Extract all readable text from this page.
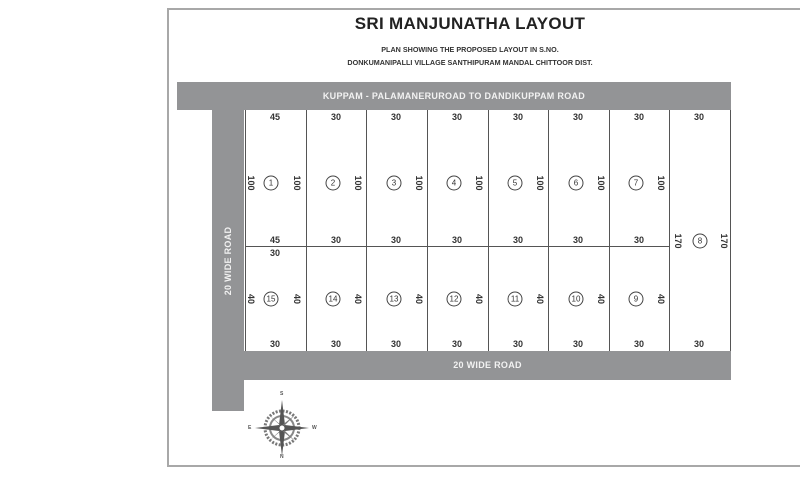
SRI MANJUNATHA LAYOUT
PLAN SHOWING THE PROPOSED LAYOUT IN S.NO.
DONKUMANIPALLI VILLAGE SANTHIPURAM MANDAL CHITTOOR DIST.
KUPPAM - PALAMANERUROAD TO DANDIKUPPAM ROAD
20 WIDE ROAD
20 WIDE ROAD
45	30	30	30	30	30	30	30
100	1	100	2	100	3	100	4	100	5	100	6	100	7	100
45	30	30	30	30	30	30	170	8	170
30
30
40	15	40	14	40	13	40	12	40	11	40	10	40	9	40
30	30	30	30	30	30	30
S
N
E	W
